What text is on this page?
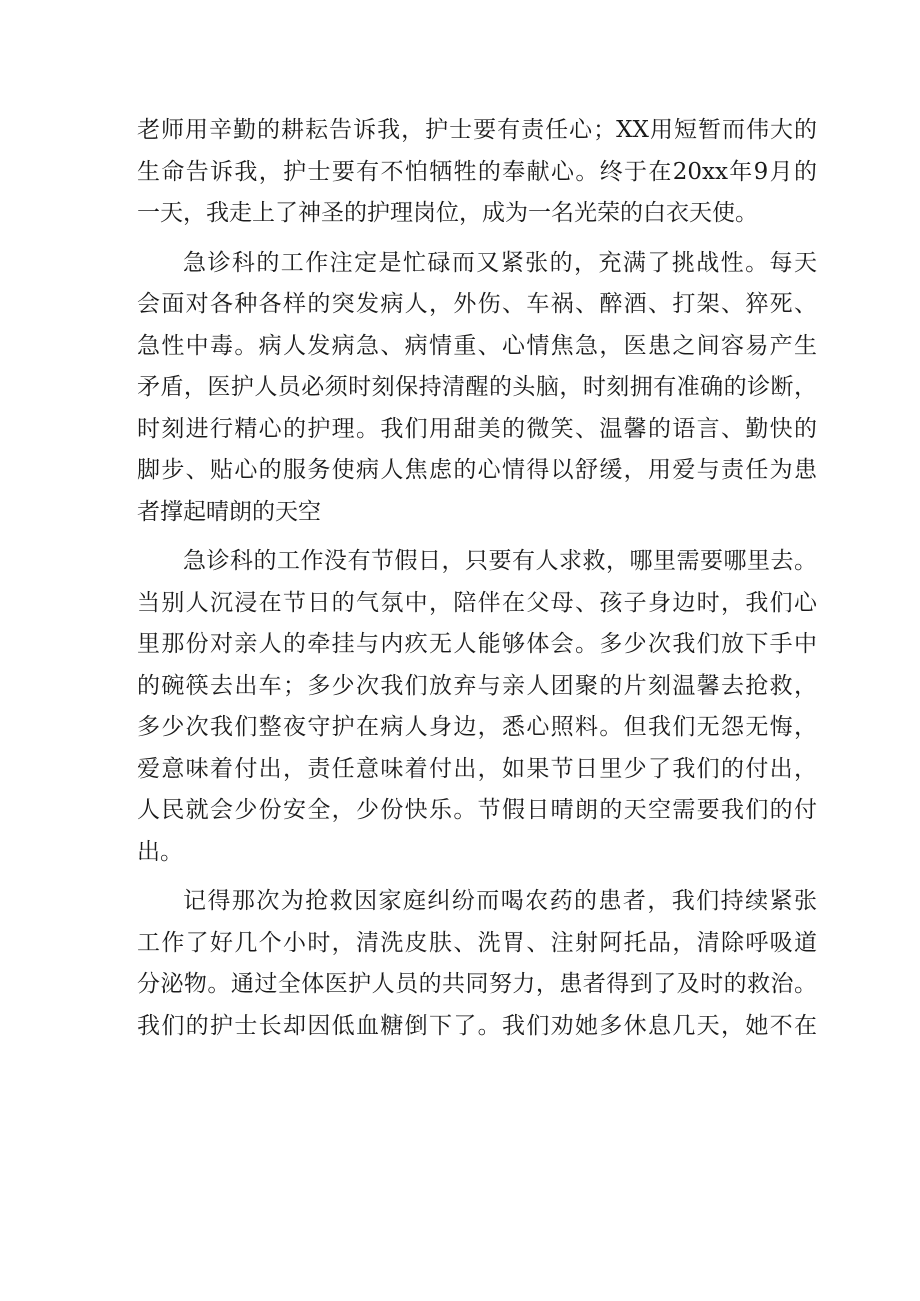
老师用辛勤的耕耘告诉我，护士要有责任心；XX用短暂而伟大的
生命告诉我，护士要有不怕牺牲的奉献心。终于在20xx年9月的
一天，我走上了神圣的护理岗位，成为一名光荣的白衣天使。

急诊科的工作注定是忙碌而又紧张的，充满了挑战性。每天
会面对各种各样的突发病人，外伤、车祸、醉酒、打架、猝死、
急性中毒。病人发病急、病情重、心情焦急，医患之间容易产生
矛盾，医护人员必须时刻保持清醒的头脑，时刻拥有准确的诊断，
时刻进行精心的护理。我们用甜美的微笑、温馨的语言、勤快的
脚步、贴心的服务使病人焦虑的心情得以舒缓，用爱与责任为患
者撑起晴朗的天空

急诊科的工作没有节假日，只要有人求救，哪里需要哪里去。
当别人沉浸在节日的气氛中，陪伴在父母、孩子身边时，我们心
里那份对亲人的牵挂与内疚无人能够体会。多少次我们放下手中
的碗筷去出车；多少次我们放弃与亲人团聚的片刻温馨去抢救，
多少次我们整夜守护在病人身边，悉心照料。但我们无怨无悔，
爱意味着付出，责任意味着付出，如果节日里少了我们的付出，
人民就会少份安全，少份快乐。节假日晴朗的天空需要我们的付
出。

记得那次为抢救因家庭纠纷而喝农药的患者，我们持续紧张
工作了好几个小时，清洗皮肤、洗胃、注射阿托品，清除呼吸道
分泌物。通过全体医护人员的共同努力，患者得到了及时的救治。
我们的护士长却因低血糖倒下了。我们劝她多休息几天，她不在
